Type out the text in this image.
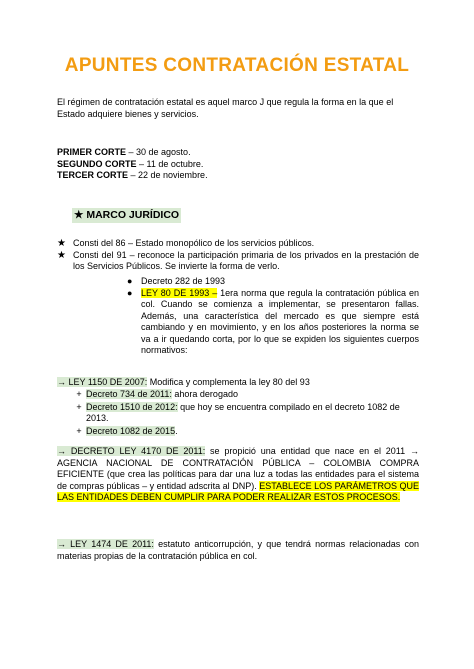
APUNTES CONTRATACIÓN ESTATAL
El régimen de contratación estatal es aquel marco J que regula la forma en la que el Estado adquiere bienes y servicios.
PRIMER CORTE – 30 de agosto.
SEGUNDO CORTE – 11 de octubre.
TERCER CORTE – 22 de noviembre.
★ MARCO JURÍDICO
★ Consti del 86 – Estado monopólico de los servicios públicos.
★ Consti del 91 – reconoce la participación primaria de los privados en la prestación de los Servicios Públicos. Se invierte la forma de verlo.
● Decreto 282 de 1993
● LEY 80 DE 1993 – 1era norma que regula la contratación pública en col. Cuando se comienza a implementar, se presentaron fallas. Además, una característica del mercado es que siempre está cambiando y en movimiento, y en los años posteriores la norma se va a ir quedando corta, por lo que se expiden los siguientes cuerpos normativos:
→ LEY 1150 DE 2007: Modifica y complementa la ley 80 del 93
+ Decreto 734 de 2011: ahora derogado
+ Decreto 1510 de 2012: que hoy se encuentra compilado en el decreto 1082 de 2013.
+ Decreto 1082 de 2015.
→ DECRETO LEY 4170 DE 2011: se propició una entidad que nace en el 2011 → AGENCIA NACIONAL DE CONTRATACIÓN PÚBLICA – COLOMBIA COMPRA EFICIENTE (que crea las políticas para dar una luz a todas las entidades para el sistema de compras públicas – y entidad adscrita al DNP). ESTABLECE LOS PARÁMETROS QUE LAS ENTIDADES DEBEN CUMPLIR PARA PODER REALIZAR ESTOS PROCESOS.
→ LEY 1474 DE 2011: estatuto anticorrupción, y que tendrá normas relacionadas con materias propias de la contratación pública en col.
